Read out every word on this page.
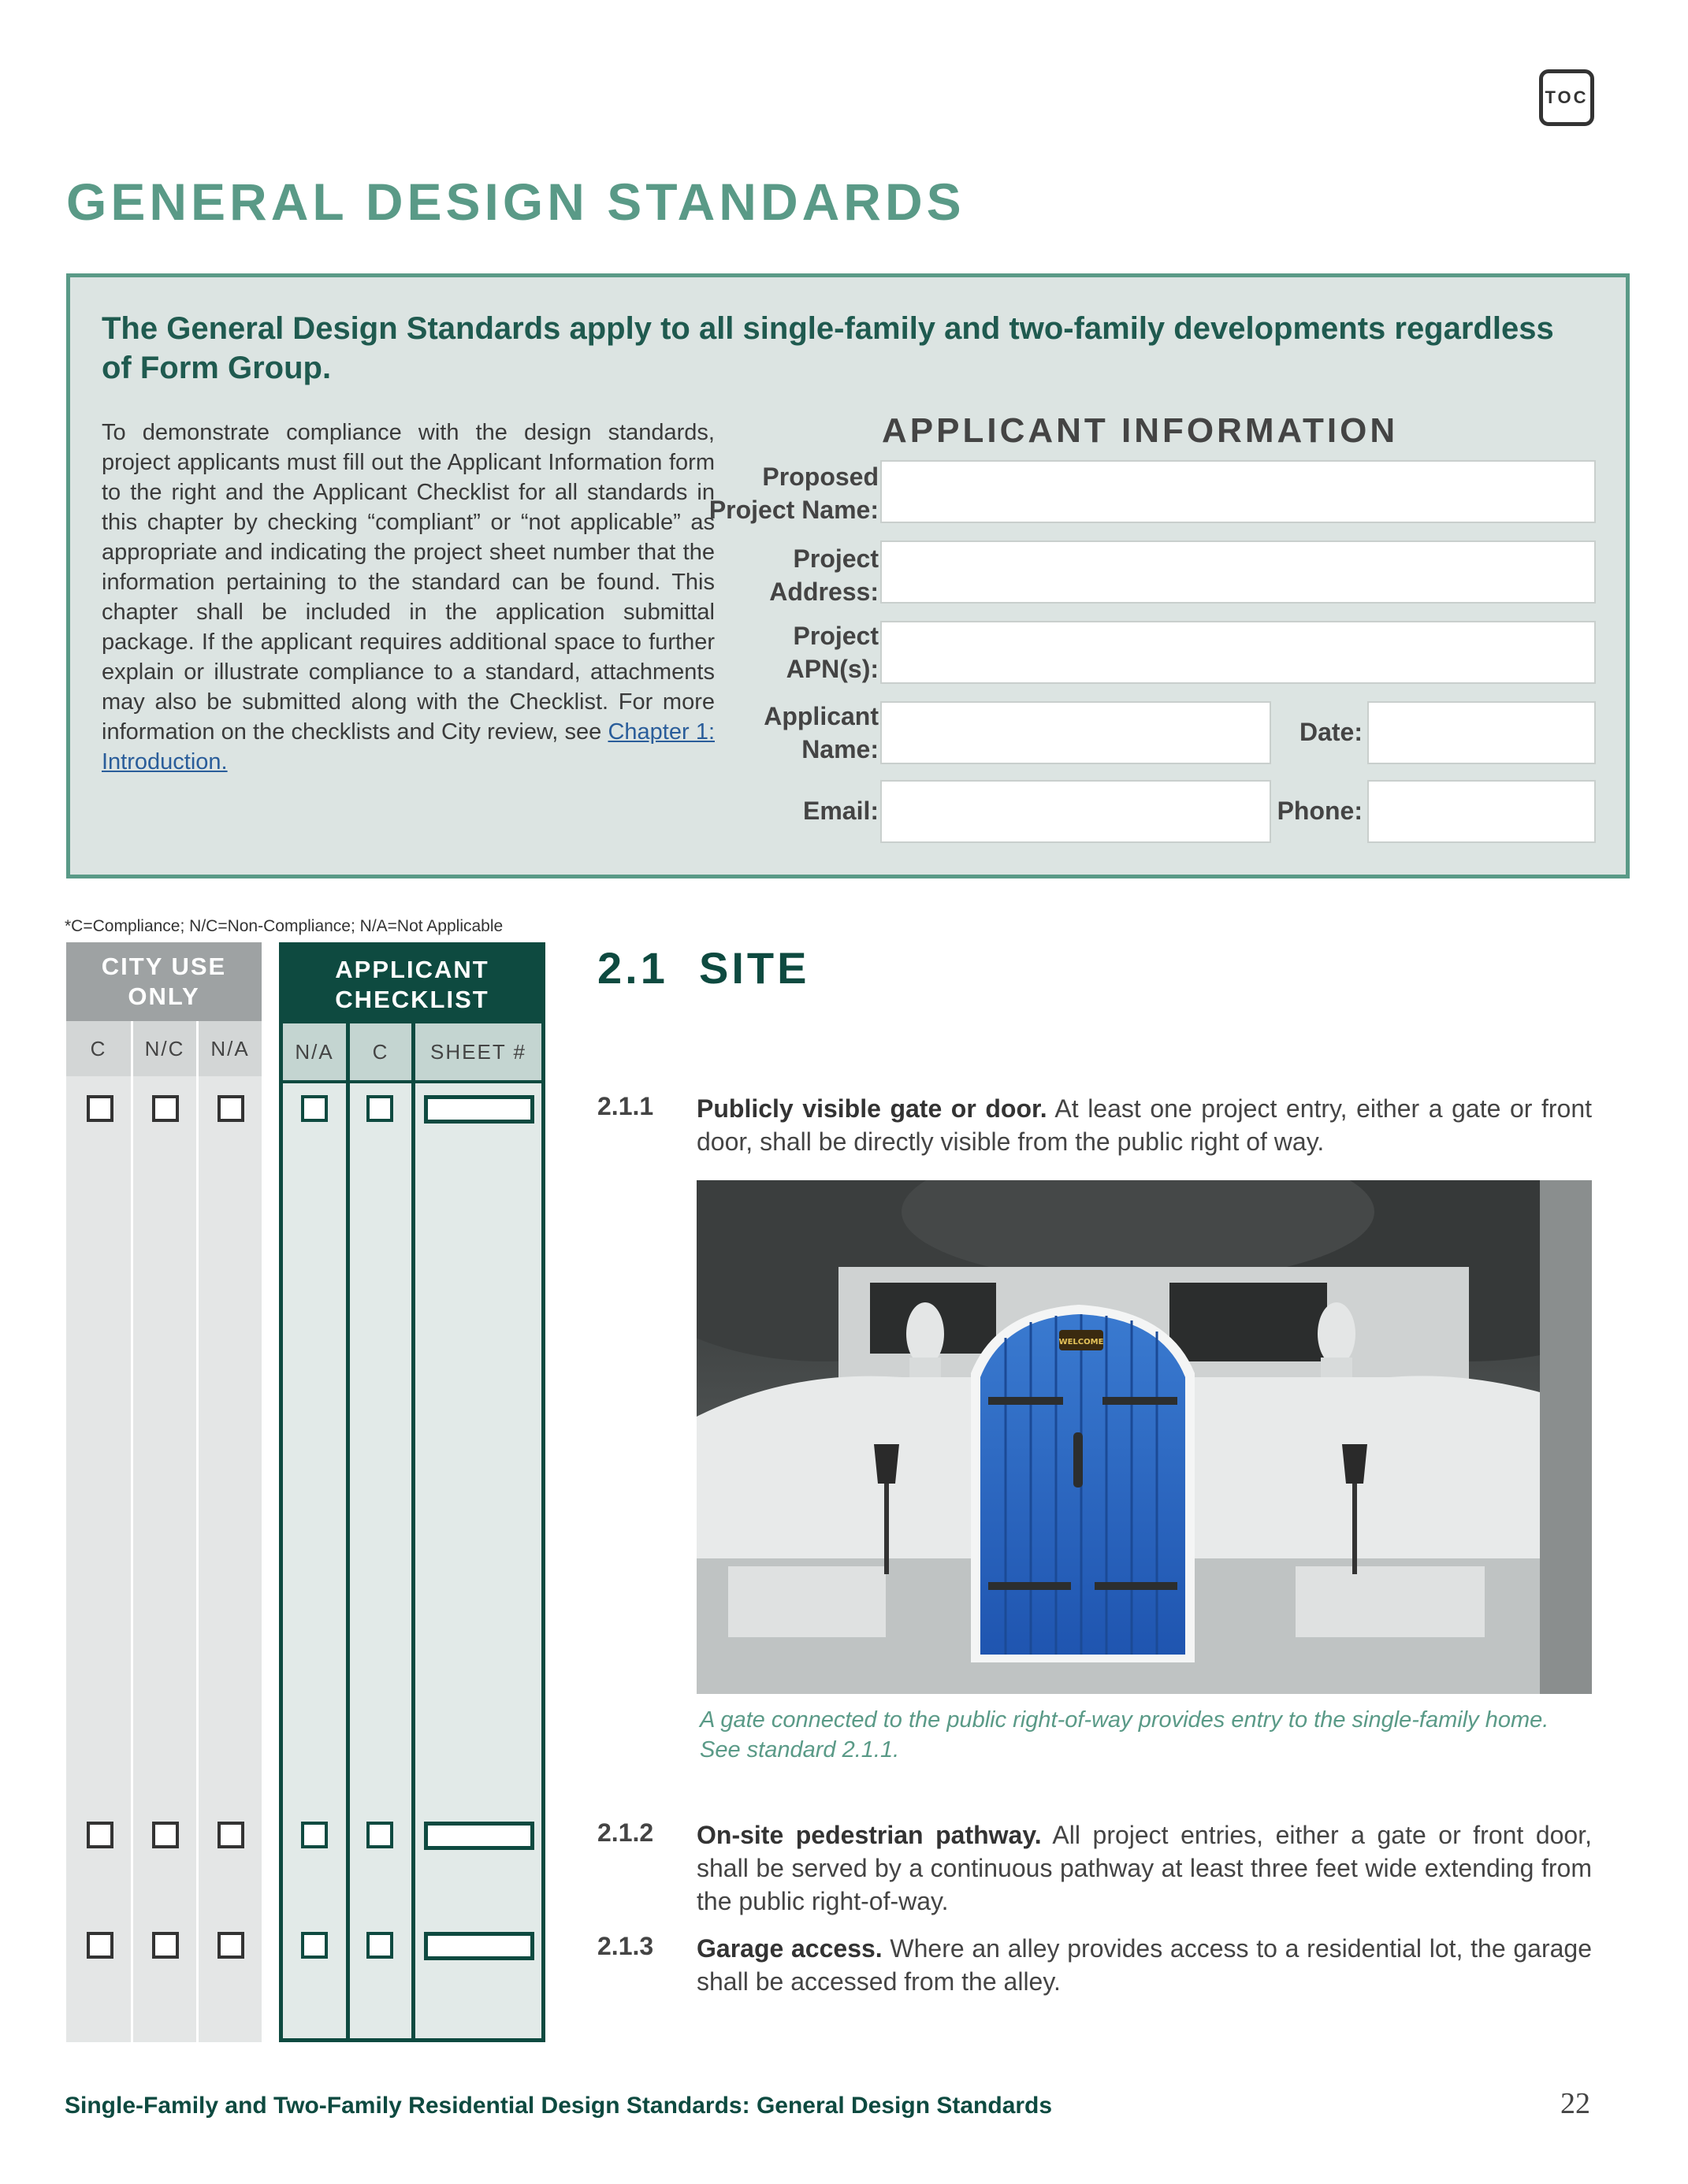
TOC
GENERAL DESIGN STANDARDS
The General Design Standards apply to all single-family and two-family developments regardless of Form Group.
To demonstrate compliance with the design standards, project applicants must fill out the Applicant Information form to the right and the Applicant Checklist for all standards in this chapter by checking “compliant” or “not applicable” as appropriate and indicating the project sheet number that the information pertaining to the standard can be found. This chapter shall be included in the application submittal package. If the applicant requires additional space to further explain or illustrate compliance to a standard, attachments may also be submitted along with the Checklist. For more information on the checklists and City review, see Chapter 1: Introduction.
APPLICANT INFORMATION
Proposed
Project Name:
Project
Address:
Project
APN(s):
Applicant
Name:
Date:
Email:	Phone:
*C=Compliance; N/C=Non-Compliance; N/A=Not Applicable
CITY USE
ONLY
C	N/C	N/A
APPLICANT
CHECKLIST
N/A	C	SHEET #
2.1 SITE
2.1.1 Publicly visible gate or door. At least one project entry, either a gate or front door, shall be directly visible from the public right of way.
WELCOME
A gate connected to the public right-of-way provides entry to the single-family home. See standard 2.1.1.
2.1.2 On-site pedestrian pathway. All project entries, either a gate or front door, shall be served by a continuous pathway at least three feet wide extending from the public right-of-way.
2.1.3 Garage access. Where an alley provides access to a residential lot, the garage shall be accessed from the alley.
Single-Family and Two-Family Residential Design Standards: General Design Standards	22
